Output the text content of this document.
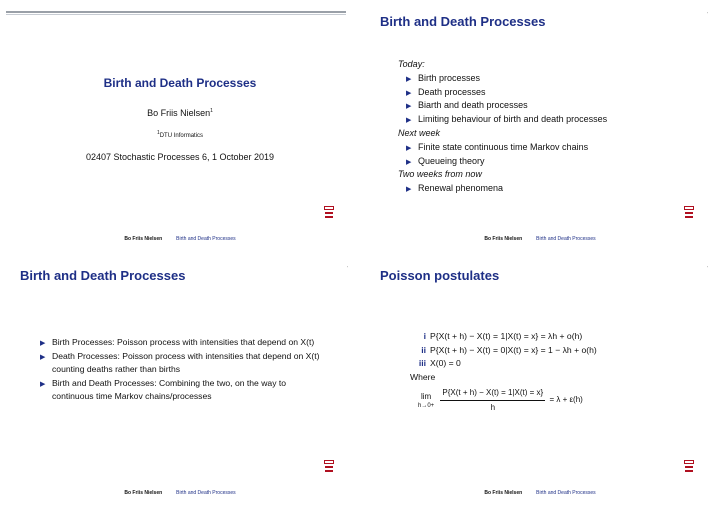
Birth and Death Processes
Bo Friis Nielsen$^1$
$^1$DTU Informatics
02407 Stochastic Processes 6, 1 October 2019
Bo Friis Nielsen	Birth and Death Processes
Birth and Death Processes	'
Today:
▶ Birth processes
▶ Death processes
▶ Biarth and death processes
▶ Limiting behaviour of birth and death processes
Next week
▶ Finite state continuous time Markov chains
▶ Queueing theory
Two weeks from now
▶ Renewal phenomena
Bo Friis Nielsen	Birth and Death Processes
Birth and Death Processes	'
▶ Birth Processes: Poisson process with intensities that depend on X(t)
▶ Death Processes: Poisson process with intensities that depend on X(t) counting deaths rather than births
▶ Birth and Death Processes: Combining the two, on the way to continuous time Markov chains/processes
Bo Friis Nielsen	Birth and Death Processes
Poisson postulates	'
i P{X(t + h) − X(t) = 1|X(t) = x} = λh + o(h)
ii P{X(t + h) − X(t) = 0|X(t) = x} = 1 − λh + o(h)
iii X(0) = 0
Where
lim
h→0+
$\frac{P\{X(t + h) - X(t) = 1|X(t) = x\}}{h} = \lambda + \varepsilon(h)$
Bo Friis Nielsen	Birth and Death Processes
